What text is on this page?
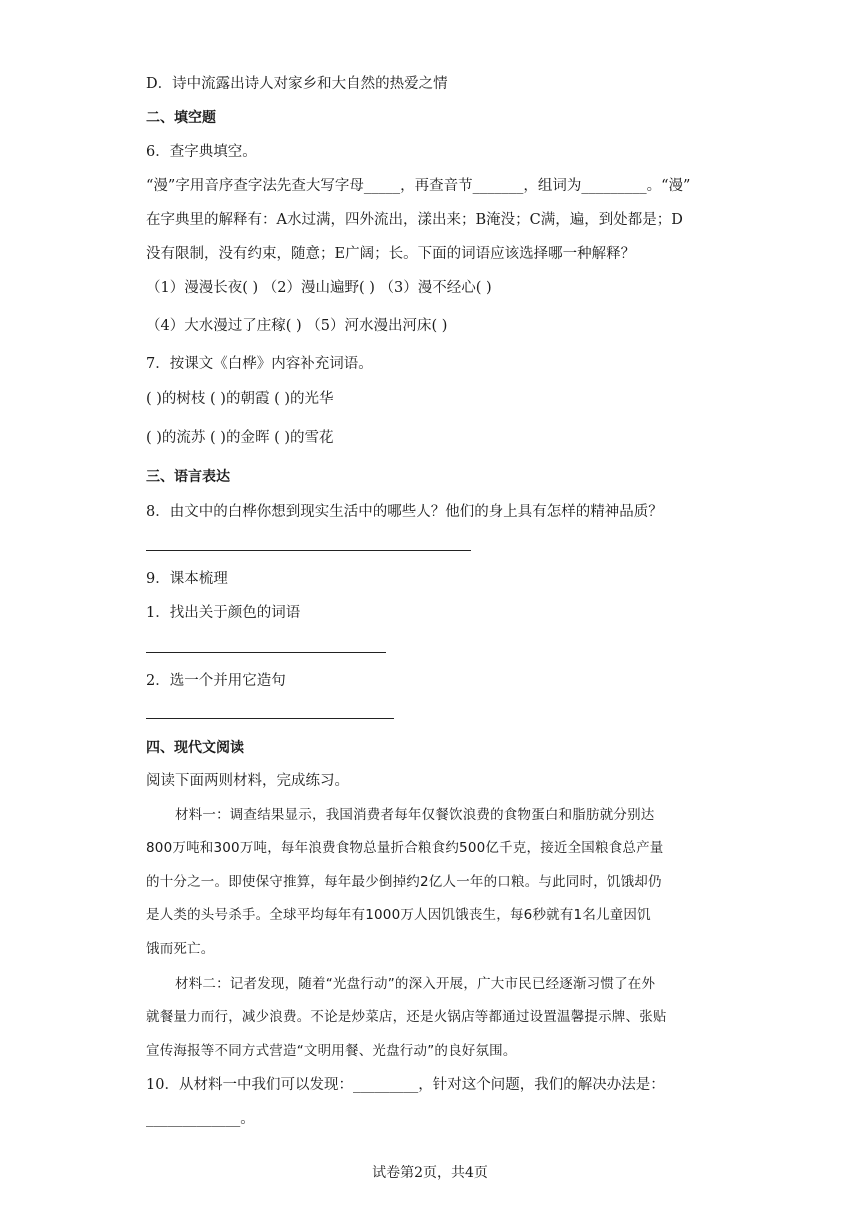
D．诗中流露出诗人对家乡和大自然的热爱之情
二、填空题
6．查字典填空。
“漫”字用音序查字法先查大写字母_____，再查音节_______，组词为_________。“漫”
在字典里的解释有：A水过满，四外流出，漾出来；B淹没；C满，遍，到处都是；D
没有限制，没有约束，随意；E广阔；长。下面的词语应该选择哪一种解释？
（1）漫漫长夜( ) （2）漫山遍野( ) （3）漫不经心( )
（4）大水漫过了庄稼( ) （5）河水漫出河床( )
7．按课文《白桦》内容补充词语。
( )的树枝 ( )的朝霞 ( )的光华
( )的流苏 ( )的金晖 ( )的雪花
三、语言表达
8．由文中的白桦你想到现实生活中的哪些人？他们的身上具有怎样的精神品质？
9．课本梳理
1．找出关于颜色的词语
2．选一个并用它造句
四、现代文阅读
阅读下面两则材料，完成练习。
材料一：调查结果显示，我国消费者每年仅餐饮浪费的食物蛋白和脂肪就分别达
800万吨和300万吨，每年浪费食物总量折合粮食约500亿千克，接近全国粮食总产量
的十分之一。即使保守推算，每年最少倒掉约2亿人一年的口粮。与此同时，饥饿却仍
是人类的头号杀手。全球平均每年有1000万人因饥饿丧生，每6秒就有1名儿童因饥
饿而死亡。
材料二：记者发现，随着“光盘行动”的深入开展，广大市民已经逐渐习惯了在外
就餐量力而行，减少浪费。不论是炒菜店，还是火锅店等都通过设置温馨提示牌、张贴
宣传海报等不同方式营造“文明用餐、光盘行动”的良好氛围。
10．从材料一中我们可以发现：_________，针对这个问题，我们的解决办法是：
_____________。
试卷第2页，共4页
